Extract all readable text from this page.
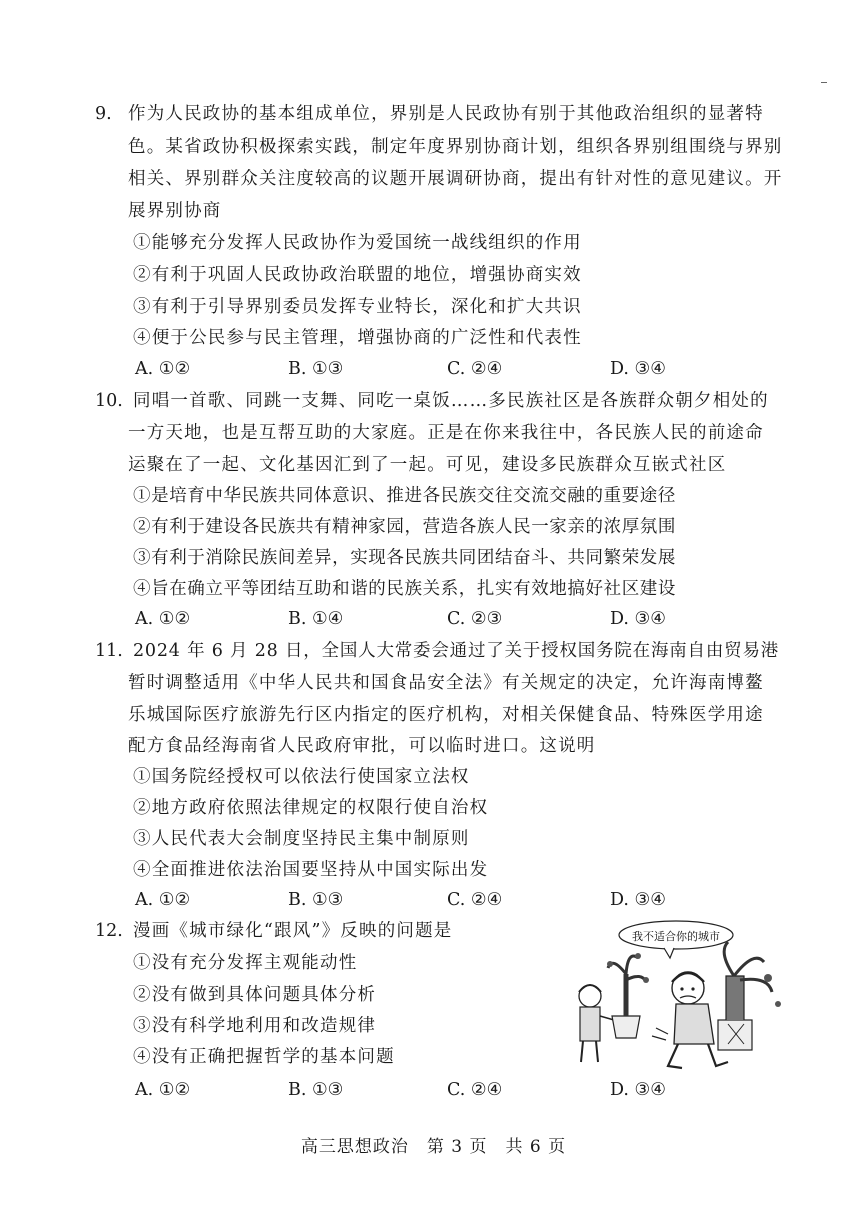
9. 作为人民政协的基本组成单位，界别是人民政协有别于其他政治组织的显著特
色。某省政协积极探索实践，制定年度界别协商计划，组织各界别组围绕与界别
相关、界别群众关注度较高的议题开展调研协商，提出有针对性的意见建议。开
展界别协商
①能够充分发挥人民政协作为爱国统一战线组织的作用
②有利于巩固人民政协政治联盟的地位，增强协商实效
③有利于引导界别委员发挥专业特长，深化和扩大共识
④便于公民参与民主管理，增强协商的广泛性和代表性
A. ①②	B. ①③	C. ②④	D. ③④
10. 同唱一首歌、同跳一支舞、同吃一桌饭……多民族社区是各族群众朝夕相处的
一方天地，也是互帮互助的大家庭。正是在你来我往中，各民族人民的前途命
运聚在了一起、文化基因汇到了一起。可见，建设多民族群众互嵌式社区
①是培育中华民族共同体意识、推进各民族交往交流交融的重要途径
②有利于建设各民族共有精神家园，营造各族人民一家亲的浓厚氛围
③有利于消除民族间差异，实现各民族共同团结奋斗、共同繁荣发展
④旨在确立平等团结互助和谐的民族关系，扎实有效地搞好社区建设
A. ①②	B. ①④	C. ②③	D. ③④
11. 2024 年 6 月 28 日，全国人大常委会通过了关于授权国务院在海南自由贸易港
暂时调整适用《中华人民共和国食品安全法》有关规定的决定，允许海南博鳌
乐城国际医疗旅游先行区内指定的医疗机构，对相关保健食品、特殊医学用途
配方食品经海南省人民政府审批，可以临时进口。这说明
①国务院经授权可以依法行使国家立法权
②地方政府依照法律规定的权限行使自治权
③人民代表大会制度坚持民主集中制原则
④全面推进依法治国要坚持从中国实际出发
A. ①②	B. ①③	C. ②④	D. ③④
12. 漫画《城市绿化“跟风”》反映的问题是
①没有充分发挥主观能动性
②没有做到具体问题具体分析
③没有科学地利用和改造规律
④没有正确把握哲学的基本问题
A. ①②	B. ①③	C. ②④	D. ③④
我不适合你的城市
高三思想政治　第 3 页　共 6 页
